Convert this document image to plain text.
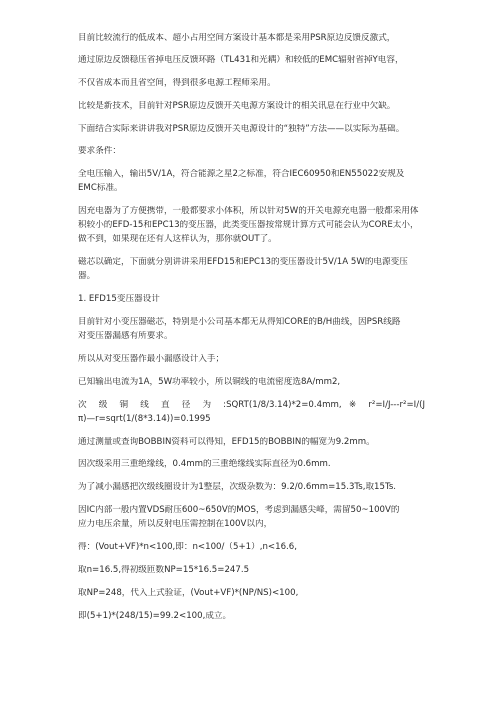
目前比较流行的低成本、超小占用空间方案设计基本都是采用PSR原边反馈反激式，
通过原边反馈稳压省掉电压反馈环路（TL431和光耦）和较低的EMC辐射省掉Y电容，
不仅省成本而且省空间，得到很多电源工程师采用。
比较是新技术，目前针对PSR原边反馈开关电源方案设计的相关讯息在行业中欠缺。
下面结合实际来讲讲我对PSR原边反馈开关电源设计的“独特”方法——以实际为基础。
要求条件：
全电压输入，输出5V/1A，符合能源之星2之标准，符合IEC60950和EN55022安规及
EMC标准。
因充电器为了方便携带，一般都要求小体积，所以针对5W的开关电源充电器一般都采用体
积较小的EFD-15和EPC13的变压器，此类变压器按常规计算方式可能会认为CORE太小，
做不到，如果现在还有人这样认为，那你就OUT了。
磁芯以确定，下面就分别讲讲采用EFD15和EPC13的变压器设计5V/1A 5W的电源变压
器。
1. EFD15变压器设计
目前针对小变压器磁芯，特别是小公司基本都无从得知CORE的B/H曲线，因PSR线路
对变压器漏感有所要求。
所以从对变压器作最小漏感设计入手；
已知输出电流为1A，5W功率较小，所以铜线的电流密度选8A/mm2,
次 级 铜 线 直 径 为 :SQRT(1/8/3.14)*2=0.4mm, ※ r²=I/J---r²=I/(J
π)—r=sqrt(1/(8*3.14))=0.1995
通过测量或查询BOBBIN资料可以得知，EFD15的BOBBIN的幅宽为9.2mm。
因次级采用三重绝缘线，0.4mm的三重绝缘线实际直径为0.6mm.
为了减小漏感把次级线圈设计为1整层，次级杂数为：9.2/0.6mm=15.3Ts,取15Ts.
因IC内部一般内置VDS耐压600~650V的MOS，考虑到漏感尖峰，需留50~100V的
应力电压余量，所以反射电压需控制在100V以内，
得：(Vout+VF)*n<100,即：n<100/（5+1）,n<16.6,
取n=16.5,得初级匝数NP=15*16.5=247.5
取NP=248，代入上式验证，(Vout+VF)*(NP/NS)<100,
即(5+1)*(248/15)=99.2<100,成立。
